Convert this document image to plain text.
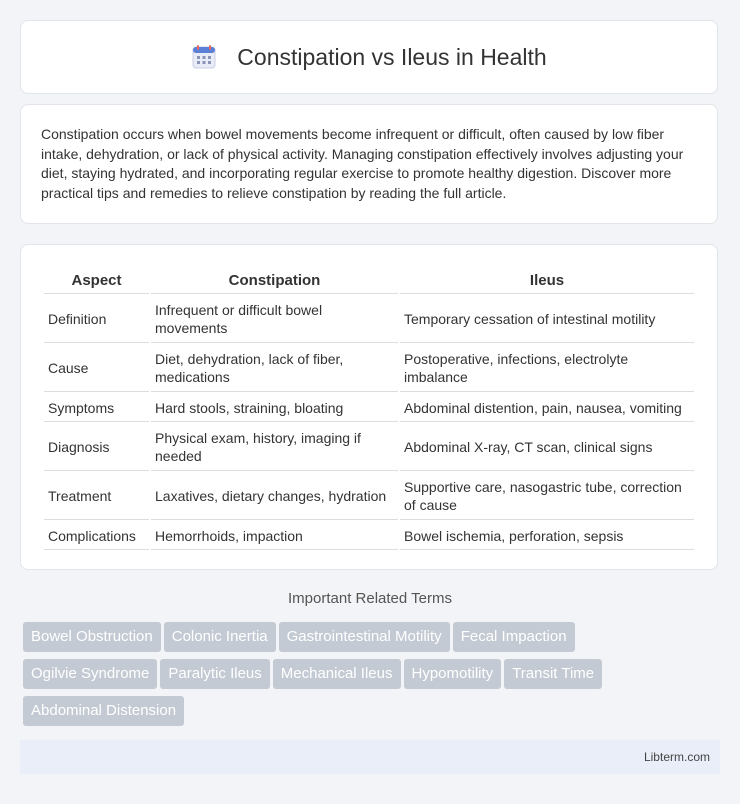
Constipation vs Ileus in Health

Constipation occurs when bowel movements become infrequent or difficult, often caused by low fiber intake, dehydration, or lack of physical activity. Managing constipation effectively involves adjusting your diet, staying hydrated, and incorporating regular exercise to promote healthy digestion. Discover more practical tips and remedies to relieve constipation by reading the full article.

Aspect	Constipation	Ileus
Definition	Infrequent or difficult bowel movements	Temporary cessation of intestinal motility
Cause	Diet, dehydration, lack of fiber, medications	Postoperative, infections, electrolyte imbalance
Symptoms	Hard stools, straining, bloating	Abdominal distention, pain, nausea, vomiting
Diagnosis	Physical exam, history, imaging if needed	Abdominal X-ray, CT scan, clinical signs
Treatment	Laxatives, dietary changes, hydration	Supportive care, nasogastric tube, correction of cause
Complications	Hemorrhoids, impaction	Bowel ischemia, perforation, sepsis
Important Related Terms
Bowel Obstruction Colonic Inertia Gastrointestinal Motility Fecal Impaction
Ogilvie Syndrome Paralytic Ileus Mechanical Ileus Hypomotility Transit Time
Abdominal Distension
Libterm.com
